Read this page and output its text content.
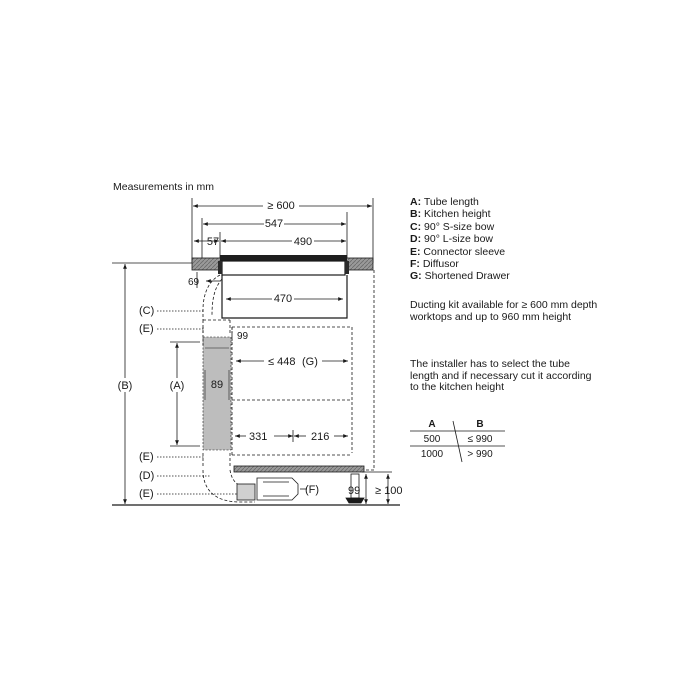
Measurements in mm
≥ 600
547
57	490
69
470
89
99
≤ 448 (G)
331	216
(F)	99 ≥ 100
(B)	(A)
(C)
(E)
(E)
(D)
(E)
A	B
500	≤ 990
1000 > 990
A: Tube length
B: Kitchen height
C: 90° S-size bow
D: 90° L-size bow
E: Connector sleeve
F: Diffusor
G: Shortened Drawer
Ducting kit available for ≥ 600 mm depth worktops and up to 960 mm height
The installer has to select the tube length and if necessary cut it according to the kitchen height
